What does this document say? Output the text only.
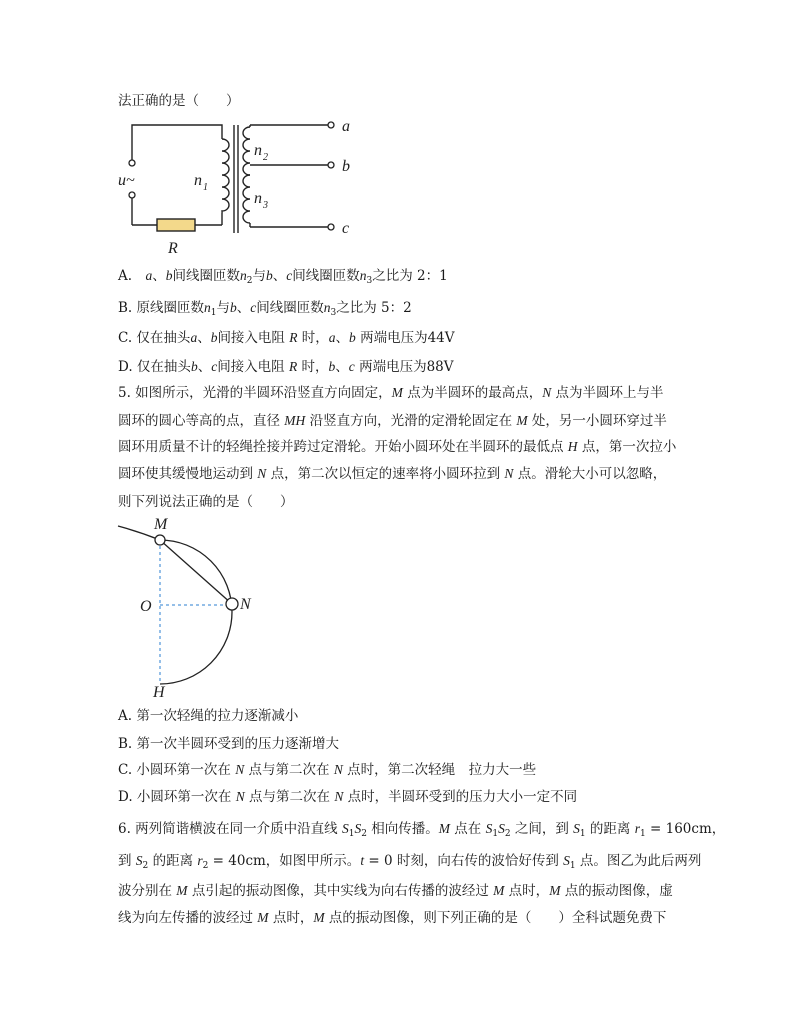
法正确的是（　　）
a
b
c
n 2
n 3
n 1
u~
R
A.　a、b间线圈匝数$n_2$与b、c间线圈匝数$n_3$之比为 2：1
B. 原线圈匝数$n_1$与b、c间线圈匝数$n_3$之比为 5：2
C. 仅在抽头a、b间接入电阻 R 时，a、b 两端电压为44V
D. 仅在抽头b、c间接入电阻 R 时，b、c 两端电压为88V
5. 如图所示，光滑的半圆环沿竖直方向固定，M 点为半圆环的最高点，N 点为半圆环上与半
圆环的圆心等高的点，直径 MH 沿竖直方向，光滑的定滑轮固定在 M 处，另一小圆环穿过半
圆环用质量不计的轻绳拴接并跨过定滑轮。开始小圆环处在半圆环的最低点 H 点，第一次拉小
圆环使其缓慢地运动到 N 点，第二次以恒定的速率将小圆环拉到 N 点。滑轮大小可以忽略，
则下列说法正确的是（　　）
M
N
O
H
A. 第一次轻绳的拉力逐渐减小
B. 第一次半圆环受到的压力逐渐增大
C. 小圆环第一次在 N 点与第二次在 N 点时，第二次轻绳　拉力大一些
D. 小圆环第一次在 N 点与第二次在 N 点时，半圆环受到的压力大小一定不同
6. 两列简谐横波在同一介质中沿直线 $S_1S_2$ 相向传播。M 点在 $S_1S_2$ 之间，到 $S_1$ 的距离 $r_1 = 160cm$，
到 $S_2$ 的距离 $r_2 = 40cm$，如图甲所示。t = 0 时刻，向右传的波恰好传到 $S_1$ 点。图乙为此后两列
波分别在 M 点引起的振动图像，其中实线为向右传播的波经过 M 点时，M 点的振动图像，虚
线为向左传播的波经过 M 点时，M 点的振动图像，则下列正确的是（　　）全科试题免费下
